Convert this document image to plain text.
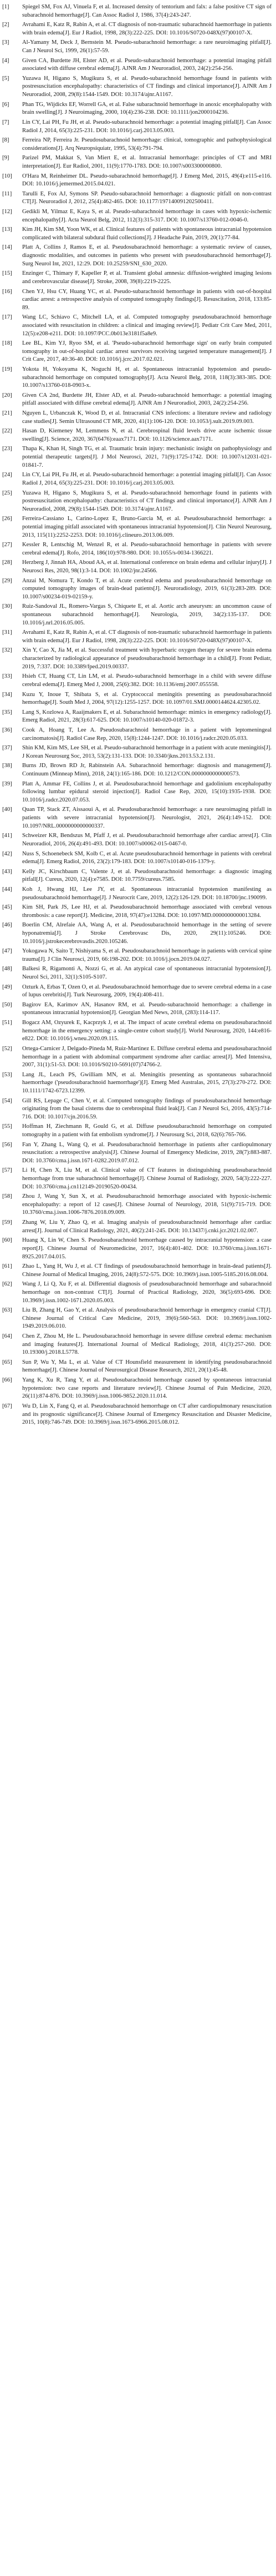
[1]	Spiegel SM, Fox AJ, Vinuela F, et al. Increased density of tentorium and falx: a false positive CT sign of subarachnoid hemorrhage[J]. Can Assoc Radiol J, 1986, 37(4):243-247.
[2]	Avrahami E, Katz R, Rabin A, et al. CT diagnosis of non-traumatic subarachnoid haemorrhage in patients with brain edema[J]. Eur J Radiol, 1998, 28(3):222-225. DOI: 10.1016/S0720-048X(97)00107-X.
[3]	Al-Yamany M, Deck J, Bernstein M. Pseudo-subarachnoid hemorrhage: a rare neuroimaging pitfall[J]. Can J Neurol Sci, 1999, 26(1):57-59.
[4]	Given CA, Burdette JH, Elster AD, et al. Pseudo-subarachnoid hemorrhage: a potential imaging pitfall associated with diffuse cerebral edema[J]. AJNR Am J Neuroradiol, 2003, 24(2):254-256.
[5]	Yuzawa H, Higano S, Mugikura S, et al. Pseudo-subarachnoid hemorrhage found in patients with postresuscitation encephalopathy: characteristics of CT findings and clinical importance[J]. AJNR Am J Neuroradiol, 2008, 29(8):1544-1549. DOI: 10.3174/ajnr.A1167.
[6]	Phan TG, Wijdicks EF, Worrell GA, et al. False subarachnoid hemorrhage in anoxic encephalopathy with brain swelling[J]. J Neuroimaging, 2000, 10(4):236-238. DOI: 10.1111/jon2000104236.
[7]	Lin CY, Lai PH, Fu JH, et al. Pseudo-subarachnoid hemorrhage: a potential imaging pitfall[J]. Can Assoc Radiol J, 2014, 65(3):225-231. DOI: 10.1016/j.carj.2013.05.003.
[8]	Ferreira NP, Ferreira Jr. Pseudosubarachnoid hemorrhage: clinical, tomographic and pathophysiological considerations[J]. Arq Neuropsiquiatr, 1995, 53(4):791-794.
[9]	Parizel PM, Makkat S, Van Miert E, et al. Intracranial hemorrhage: principles of CT and MRI interpretation[J]. Eur Radiol, 2001, 11(9):1770-1783. DOI: 10.1007/s003300000800.
[10]	O'Hara M, Reinheimer DL. Pseudo-subarachnoid hemorrhage[J]. J Emerg Med, 2015, 49(4):e115-e116. DOI: 10.1016/j.jemermed.2015.04.021.
[11]	Tarulli E, Fox AJ, Symons SP. Pseudo-subarachnoid hemorrhage: a diagnostic pitfall on non-contrast CT[J]. Neuroradiol J, 2012, 25(4):462-465. DOI: 10.1177/197140091202500411.
[12]	Gedikli M, Yilmaz E, Kaya S, et al. Pseudo-subarachnoid hemorrhage in cases with hypoxic-ischemic encephalopathy[J]. Acta Neurol Belg, 2012, 112(3):315-317. DOI: 10.1007/s13760-012-0046-0.
[13]	Kim JH, Kim SM, Yoon WK, et al. Clinical features of patients with spontaneous intracranial hypotension complicated with bilateral subdural fluid collections[J]. J Headache Pain, 2019, 20(1):77-84.
[14]	Platt A, Collins J, Ramos E, et al. Pseudosubarachnoid hemorrhage: a systematic review of causes, diagnostic modalities, and outcomes in patients who present with pseudosubarachnoid hemorrhage[J]. Surg Neurol Int, 2021, 12:29. DOI: 10.25259/SNI_630_2020.
[15]	Enzinger C, Thimary F, Kapeller P, et al. Transient global amnesia: diffusion-weighted imaging lesions and cerebrovascular disease[J]. Stroke, 2008, 39(8):2219-2225.
[16]	Chen YJ, Hsu CY, Huang YC, et al. Pseudo-subarachnoid hemorrhage in patients with out-of-hospital cardiac arrest: a retrospective analysis of computed tomography findings[J]. Resuscitation, 2018, 133:85-89.
[17]	Wang LC, Schiavo C, Mitchell LA, et al. Computed tomography pseudosubarachnoid hemorrhage associated with resuscitation in children: a clinical and imaging review[J]. Pediatr Crit Care Med, 2011, 12(5):e208-e211. DOI: 10.1097/PCC.0b013e3181f5a8e9.
[18]	Lee BL, Kim YJ, Ryoo SM, et al. 'Pseudo-subarachnoid hemorrhage sign' on early brain computed tomography in out-of-hospital cardiac arrest survivors receiving targeted temperature management[J]. J Crit Care, 2017, 40:36-40. DOI: 10.1016/j.jcrc.2017.02.021.
[19]	Yokota H, Yokoyama K, Noguchi H, et al. Spontaneous intracranial hypotension and pseudo-subarachnoid hemorrhage on computed tomography[J]. Acta Neurol Belg, 2018, 118(3):383-385. DOI: 10.1007/s13760-018-0903-x.
[20]	Given CA 2nd, Burdette JH, Elster AD, et al. Pseudo-subarachnoid hemorrhage: a potential imaging pitfall associated with diffuse cerebral edema[J]. AJNR Am J Neuroradiol, 2003, 24(2):254-256.
[21]	Nguyen L, Urbanczak K, Wood D, et al. Intracranial CNS infections: a literature review and radiology case studies[J]. Semin Ultrasound CT MR, 2020, 41(1):106-120. DOI: 10.1053/j.sult.2019.09.003.
[22]	Hasan D, Kiemeney M, Lemmens N, et al. Cerebrospinal fluid levels drive acute ischemic tissue swelling[J]. Science, 2020, 367(6476):eaax7171. DOI: 10.1126/science.aax7171.
[23]	Thapa K, Khan H, Singh TG, et al. Traumatic brain injury: mechanistic insight on pathophysiology and potential therapeutic targets[J]. J Mol Neurosci, 2021, 71(9):1725-1742. DOI: 10.1007/s12031-021-01841-7.
[24]	Lin CY, Lai PH, Fu JH, et al. Pseudo-subarachnoid hemorrhage: a potential imaging pitfall[J]. Can Assoc Radiol J, 2014, 65(3):225-231. DOI: 10.1016/j.carj.2013.05.003.
[25]	Yuzawa H, Higano S, Mugikura S, et al. Pseudo-subarachnoid hemorrhage found in patients with postresuscitation encephalopathy: characteristics of CT findings and clinical importance[J]. AJNR Am J Neuroradiol, 2008, 29(8):1544-1549. DOI: 10.3174/ajnr.A1167.
[26]	Ferreira-Cassiano L, Carino-Lopez E, Bruno-Garcia M, et al. Pseudosubarachnoid hemorrhage: a potential imaging pitfall associated with spontaneous intracranial hypotension[J]. Clin Neurol Neurosurg, 2013, 115(11):2252-2253. DOI: 10.1016/j.clineuro.2013.06.009.
[27]	Kessler R, Lentschig M, Wenzel R, et al. Pseudo-subarachnoid hemorrhage in patients with severe cerebral edema[J]. Rofo, 2014, 186(10):978-980. DOI: 10.1055/s-0034-1366221.
[28]	Herzberg J, Jinnah HA, Aboud AA, et al. International conference on brain edema and cellular injury[J]. J Neurosci Res, 2020, 98(1):3-14. DOI: 10.1002/jnr.24566.
[29]	Anzai M, Nomura T, Kondo T, et al. Acute cerebral edema and pseudosubarachnoid hemorrhage on computed tomography images of brain-dead patients[J]. Neuroradiology, 2019, 61(3):283-289. DOI: 10.1007/s00234-019-02159-y.
[30]	Ruiz-Sandoval JL, Romero-Vargas S, Chiquete E, et al. Aortic arch aneurysm: an uncommon cause of spontaneous subarachnoid hemorrhage[J]. Neurologia, 2019, 34(2):135-137. DOI: 10.1016/j.nrl.2016.05.005.
[31]	Avrahami E, Katz R, Rabin A, et al. CT diagnosis of non-traumatic subarachnoid haemorrhage in patients with brain edema[J]. Eur J Radiol, 1998, 28(3):222-225. DOI: 10.1016/S0720-048X(97)00107-X.
[32]	Xin Y, Cao X, Jia M, et al. Successful treatment with hyperbaric oxygen therapy for severe brain edema characterized by radiological appearance of pseudosubarachnoid hemorrhage in a child[J]. Front Pediatr, 2019, 7:337. DOI: 10.3389/fped.2019.00337.
[33]	Hsieh CT, Huang CT, Lin LM, et al. Pseudo-subarachnoid hemorrhage in a child with severe diffuse cerebral edema[J]. Emerg Med J, 2008, 25(6):382. DOI: 10.1136/emj.2007.055558.
[34]	Kuzu Y, Inoue T, Shibata S, et al. Cryptococcal meningitis presenting as pseudosubarachnoid hemorrhage[J]. South Med J, 2004, 97(12):1255-1257. DOI: 10.1097/01.SMJ.0000144624.42305.02.
[35]	Lang S, Kozlowa A, Raaijmakers E, et al. Subarachnoid hemorrhage: mimics in emergency radiology[J]. Emerg Radiol, 2021, 28(3):617-625. DOI: 10.1007/s10140-020-01872-3.
[36]	Cook A, Hoang T, Lee A. Pseudosubarachnoid hemorrhage in a patient with leptomeningeal carcinomatosis[J]. Radiol Case Rep, 2020, 15(8):1244-1247. DOI: 10.1016/j.radcr.2020.05.033.
[37]	Shin KM, Kim MS, Lee SH, et al. Pseudo-subarachnoid hemorrhage in a patient with acute meningitis[J]. J Korean Neurosurg Soc, 2013, 53(2):131-133. DOI: 10.3340/jkns.2013.53.2.131.
[38]	Burns JD, Brown RD Jr, Rabinstein AA. Subarachnoid hemorrhage: diagnosis and management[J]. Continuum (Minneap Minn), 2018, 24(1):165-186. DOI: 10.1212/CON.0000000000000573.
[39]	Platt A, Ammar FE, Collins J, et al. Pseudosubarachnoid hemorrhage and gadolinium encephalopathy following lumbar epidural steroid injection[J]. Radiol Case Rep, 2020, 15(10):1935-1938. DOI: 10.1016/j.radcr.2020.07.053.
[40]	Quan TP, Stack ZT, Aissaoui A, et al. Pseudosubarachnoid hemorrhage: a rare neuroimaging pitfall in patients with severe intracranial hypotension[J]. Neurologist, 2021, 26(4):149-152. DOI: 10.1097/NRL.0000000000000337.
[41]	Schweizer KR, Bendszus M, Pfaff J, et al. Pseudosubarachnoid hemorrhage after cardiac arrest[J]. Clin Neuroradiol, 2016, 26(4):491-493. DOI: 10.1007/s00062-015-0467-0.
[42]	Nuss S, Schoenebeck SM, Kolb C, et al. Acute pseudosubarachnoid hemorrhage in patients with cerebral edema[J]. Emerg Radiol, 2016, 23(2):179-183. DOI: 10.1007/s10140-016-1379-y.
[43]	Kelly JC, Kirschbaum C, Valente J, et al. Pseudosubarachnoid hemorrhage: a diagnostic imaging pitfall[J]. Cureus, 2020, 12(4):e7585. DOI: 10.7759/cureus.7585.
[44]	Koh J, Hwang HJ, Lee JY, et al. Spontaneous intracranial hypotension manifesting as pseudosubarachnoid hemorrhage[J]. J Neurocrit Care, 2019, 12(2):126-129. DOI: 10.18700/jnc.190099.
[45]	Kim SH, Park JS, Lee HJ, et al. Pseudosubarachnoid hemorrhage associated with cerebral venous thrombosis: a case report[J]. Medicine, 2018, 97(47):e13284. DOI: 10.1097/MD.0000000000013284.
[46]	Boerlin CM, Alrefaie AA, Wang A, et al. Pseudosubarachnoid hemorrhage in the setting of severe hyponatremia[J]. J Stroke Cerebrovasc Dis, 2020, 29(11):105246. DOI: 10.1016/j.jstrokecerebrovasdis.2020.105246.
[47]	Yokogawa N, Saito T, Nishiyama S, et al. Pseudosubarachnoid hemorrhage in patients with cervical spine trauma[J]. J Clin Neurosci, 2019, 66:198-202. DOI: 10.1016/j.jocn.2019.04.027.
[48]	Balkesi R, Rigamonti A, Nozzi G, et al. An atypical case of spontaneous intracranial hypotension[J]. Neurol Sci, 2011, 32(1):S105-S107.
[49]	Ozturk A, Erbas T, Ozen O, et al. Pseudosubarachnoid hemorrhage due to severe cerebral edema in a case of lupus cerebritis[J]. Turk Neurosurg, 2009, 19(4):408-411.
[50]	Bagirov EA, Karimov AN, Hasanov RM, et al. Pseudo-subarachnoid hemorrhage: a challenge in spontaneous intracranial hypotension[J]. Georgian Med News, 2018, (283):114-117.
[51]	Bogacz AM, Ozyurek E, Kacprzyk J, et al. The impact of acute cerebral edema on pseudosubarachnoid hemorrhage in the emergency setting: a single-centre cohort study[J]. World Neurosurg, 2020, 144:e816-e822. DOI: 10.1016/j.wneu.2020.09.115.
[52]	Ortega-Carnicer J, Delgado-Pineda M, Ruiz-Martinez E. Diffuse cerebral edema and pseudosubarachnoid hemorrhage in a patient with abdominal compartment syndrome after cardiac arrest[J]. Med Intensiva, 2007, 31(1):51-53. DOI: 10.1016/S0210-5691(07)74766-2.
[53]	Lang JL, Leach PS, Gwilliam MN, et al. Meningitis presenting as spontaneous subarachnoid haemorrhage ('pseudosubarachnoid haemorrhage')[J]. Emerg Med Australas, 2015, 27(3):270-272. DOI: 10.1111/1742-6723.12399.
[54]	Gill RS, Lepage C, Chen V, et al. Computed tomography findings of pseudosubarachnoid hemorrhage originating from the basal cisterns due to cerebrospinal fluid leak[J]. Can J Neurol Sci, 2016, 43(5):714-716. DOI: 10.1017/cjn.2016.59.
[55]	Hoffman H, Ziechmann R, Gould G, et al. Diffuse pseudosubarachnoid hemorrhage on computed tomography in a patient with fat embolism syndrome[J]. J Neurosurg Sci, 2018, 62(6):765-766.
[56]	Fan Y, Zhang L, Wang Q, et al. Pseudosubarachnoid hemorrhage in patients after cardiopulmonary resuscitation: a retrospective analysis[J]. Chinese Journal of Emergency Medicine, 2019, 28(7):883-887. DOI: 10.3760/cma.j.issn.1671-0282.2019.07.012.
[57]	Li H, Chen X, Liu M, et al. Clinical value of CT features in distinguishing pseudosubarachnoid hemorrhage from true subarachnoid hemorrhage[J]. Chinese Journal of Radiology, 2020, 54(3):222-227. DOI: 10.3760/cma.j.cn112149-20190520-00434.
[58]	Zhou J, Wang Y, Sun X, et al. Pseudosubarachnoid hemorrhage associated with hypoxic-ischemic encephalopathy: a report of 12 cases[J]. Chinese Journal of Neurology, 2018, 51(9):715-719. DOI: 10.3760/cma.j.issn.1006-7876.2018.09.009.
[59]	Zhang W, Liu Y, Zhao Q, et al. Imaging analysis of pseudosubarachnoid hemorrhage after cardiac arrest[J]. Journal of Clinical Radiology, 2021, 40(2):241-245. DOI: 10.13437/j.cnki.jcr.2021.02.007.
[60]	Huang X, Lin W, Chen S. Pseudosubarachnoid hemorrhage caused by intracranial hypotension: a case report[J]. Chinese Journal of Neuromedicine, 2017, 16(4):401-402. DOI: 10.3760/cma.j.issn.1671-8925.2017.04.015.
[61]	Zhao L, Yang H, Wu J, et al. CT findings of pseudosubarachnoid hemorrhage in brain-dead patients[J]. Chinese Journal of Medical Imaging, 2016, 24(8):572-575. DOI: 10.3969/j.issn.1005-5185.2016.08.004.
[62]	Wang J, Li Q, Xu F, et al. Differential diagnosis of pseudosubarachnoid hemorrhage and subarachnoid hemorrhage on non-contrast CT[J]. Journal of Practical Radiology, 2020, 36(5):693-696. DOI: 10.3969/j.issn.1002-1671.2020.05.003.
[63]	Liu B, Zhang H, Gao Y, et al. Analysis of pseudosubarachnoid hemorrhage in emergency cranial CT[J]. Chinese Journal of Critical Care Medicine, 2019, 39(6):560-563. DOI: 10.3969/j.issn.1002-1949.2019.06.010.
[64]	Chen Z, Zhou M, He L. Pseudosubarachnoid hemorrhage in severe diffuse cerebral edema: mechanism and imaging features[J]. International Journal of Medical Radiology, 2018, 41(3):257-260. DOI: 10.19300/j.2018.L5778.
[65]	Sun P, Wu Y, Ma L, et al. Value of CT Hounsfield measurement in identifying pseudosubarachnoid hemorrhage[J]. Chinese Journal of Neurosurgical Disease Research, 2021, 20(1):45-48.
[66]	Yang K, Xu R, Tang Y, et al. Pseudosubarachnoid hemorrhage caused by spontaneous intracranial hypotension: two case reports and literature review[J]. Chinese Journal of Pain Medicine, 2020, 26(11):874-876. DOI: 10.3969/j.issn.1006-9852.2020.11.014.
[67]	Wu D, Lin X, Fang Q, et al. Pseudosubarachnoid hemorrhage on CT after cardiopulmonary resuscitation and its prognostic significance[J]. Chinese Journal of Emergency Resuscitation and Disaster Medicine, 2015, 10(8):746-749. DOI: 10.3969/j.issn.1673-6966.2015.08.012.
